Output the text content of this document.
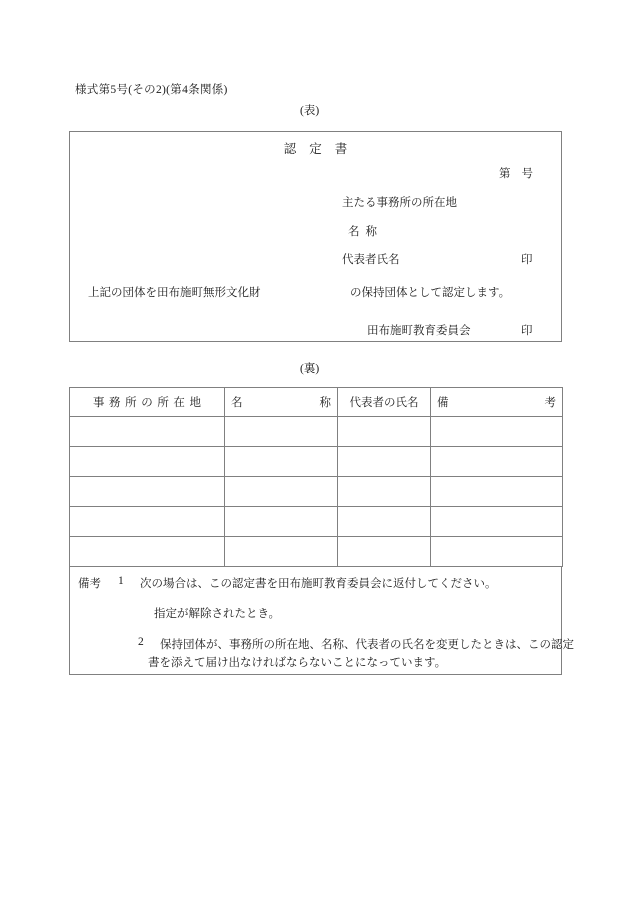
様式第5号(その2)(第4条関係)
(表)
認定書
第号
主たる事務所の所在地
名称
代表者氏名	印
上記の団体を田布施町無形文化財	の保持団体として認定します。
田布施町教育委員会	印
(裏)
事務所の所在地	名 称	代表者の氏名	備 考

備考 1 次の場合は、この認定書を田布施町教育委員会に返付してください。
指定が解除されたとき。
2 保持団体が、事務所の所在地、名称、代表者の氏名を変更したときは、この認定
書を添えて届け出なければならないことになっています。
